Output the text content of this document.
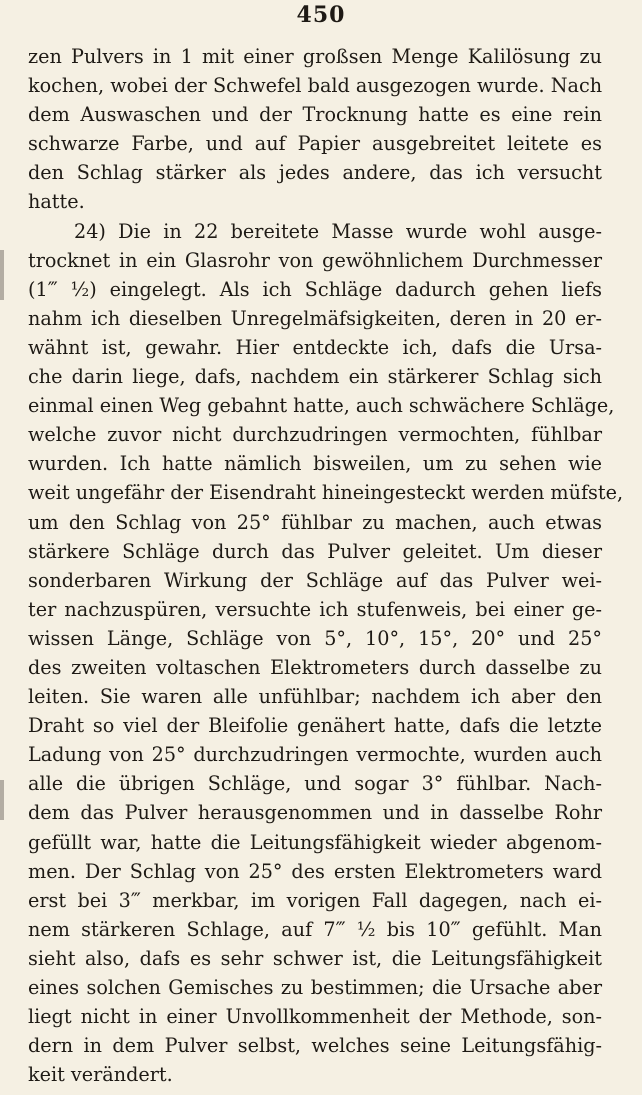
450
zen Pulvers in 1 mit einer großsen Menge Kalilösung zu
kochen, wobei der Schwefel bald ausgezogen wurde. Nach
dem Auswaschen und der Trocknung hatte es eine rein
schwarze Farbe, und auf Papier ausgebreitet leitete es
den Schlag stärker als jedes andere, das ich versucht
hatte.
24) Die in 22 bereitete Masse wurde wohl ausge-
trocknet in ein Glasrohr von gewöhnlichem Durchmesser
(1‴ ½) eingelegt. Als ich Schläge dadurch gehen liefs
nahm ich dieselben Unregelmäfsigkeiten, deren in 20 er-
wähnt ist, gewahr. Hier entdeckte ich, dafs die Ursa-
che darin liege, dafs, nachdem ein stärkerer Schlag sich
einmal einen Weg gebahnt hatte, auch schwächere Schläge,
welche zuvor nicht durchzudringen vermochten, fühlbar
wurden. Ich hatte nämlich bisweilen, um zu sehen wie
weit ungefähr der Eisendraht hineingesteckt werden müfste,
um den Schlag von 25° fühlbar zu machen, auch etwas
stärkere Schläge durch das Pulver geleitet. Um dieser
sonderbaren Wirkung der Schläge auf das Pulver wei-
ter nachzuspüren, versuchte ich stufenweis, bei einer ge-
wissen Länge, Schläge von 5°, 10°, 15°, 20° und 25°
des zweiten voltaschen Elektrometers durch dasselbe zu
leiten. Sie waren alle unfühlbar; nachdem ich aber den
Draht so viel der Bleifolie genähert hatte, dafs die letzte
Ladung von 25° durchzudringen vermochte, wurden auch
alle die übrigen Schläge, und sogar 3° fühlbar. Nach-
dem das Pulver herausgenommen und in dasselbe Rohr
gefüllt war, hatte die Leitungsfähigkeit wieder abgenom-
men. Der Schlag von 25° des ersten Elektrometers ward
erst bei 3‴ merkbar, im vorigen Fall dagegen, nach ei-
nem stärkeren Schlage, auf 7‴ ½ bis 10‴ gefühlt. Man
sieht also, dafs es sehr schwer ist, die Leitungsfähigkeit
eines solchen Gemisches zu bestimmen; die Ursache aber
liegt nicht in einer Unvollkommenheit der Methode, son-
dern in dem Pulver selbst, welches seine Leitungsfähig-
keit verändert.
